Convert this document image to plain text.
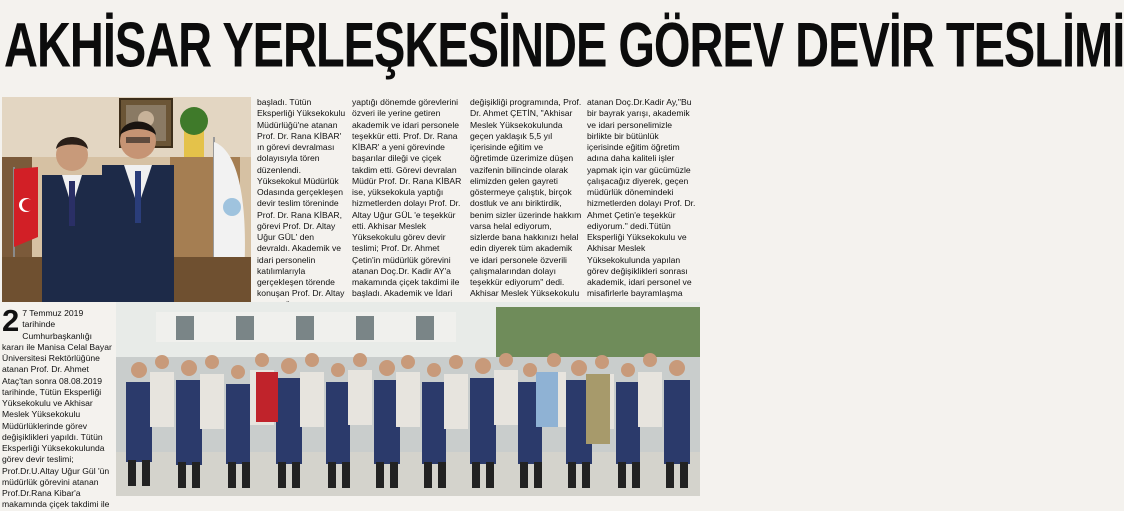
AKHİSAR YERLEŞKESİNDE GÖREV DEVİR TESLİMİ

başladı. Tütün Eksperliği Yüksekokulu Müdürlüğü'ne atanan Prof. Dr. Rana KİBAR' ın görevi devralması dolayısıyla tören düzenlendi. Yüksekokul Müdürlük Odasında gerçekleşen devir teslim töreninde Prof. Dr. Rana KİBAR, görevi Prof. Dr. Altay Uğur GÜL' den devraldı. Akademik ve idari personelin katılımlarıyla gerçekleşen törende konuşan Prof. Dr. Altay

yaptığı dönemde görevlerini özveri ile yerine getiren akademik ve idari personele teşekkür etti. Prof. Dr. Rana KİBAR' a yeni görevinde başarılar dileği ve çiçek takdim etti. Görevi devralan Müdür Prof. Dr. Rana KİBAR ise, yüksekokula yaptığı hizmetlerden dolayı Prof. Dr. Altay Uğur GÜL 'e teşekkür etti. Akhisar Meslek Yüksekokulu görev devir teslimi; Prof. Dr. Ahmet Çetin'in müdürlük görevini atanan Doç.Dr. Kadir AY'a makamında çiçek takdimi ile başladı. Akademik ve İdari

değişikliği programında, Prof. Dr. Ahmet ÇETİN, "Akhisar Meslek Yüksekokulunda geçen yaklaşık 5,5 yıl içerisinde eğitim ve öğretimde üzerimize düşen vazifenin bilincinde olarak elimizden gelen gayreti göstermeye çalıştık, birçok dostluk ve anı biriktirdik, benim sizler üzerinde hakkım varsa helal ediyorum, sizlerde bana hakkınızı helal edin diyerek tüm akademik ve idari personele özverili çalışmalarından dolayı teşekkür ediyorum" dedi. Akhisar Meslek Yüksekokulu

atanan Doç.Dr.Kadir Ay,"Bu bir bayrak yarışı, akademik ve idari personelimizle birlikte bir bütünlük içerisinde eğitim öğretim adına daha kaliteli işler yapmak için var gücümüzle çalışacağız diyerek, geçen müdürlük dönemindeki hizmetlerden dolayı Prof. Dr. Ahmet Çetin'e teşekkür ediyorum." dedi.Tütün Eksperliği Yüksekokulu ve Akhisar Meslek Yüksekokulunda yapılan görev değişiklikleri sonrası akademik, idari personel ve misafirlerle bayramlaşma

2 7 Temmuz 2019 tarihinde Cumhurbaşkanlığı kararı ile Manisa Celal Bayar Üniversitesi Rektörlüğüne atanan Prof. Dr. Ahmet Ataç'tan sonra 08.08.2019 tarihinde, Tütün Eksperliği Yüksekokulu ve Akhisar Meslek Yüksekokulu Müdürlüklerinde görev değişiklikleri yapıldı. Tütün Eksperliği Yüksekokulunda görev devir teslimi; Prof.Dr.U.Altay Uğur Gül 'ün müdürlük görevini atanan Prof.Dr.Rana Kibar'a makamında çiçek takdimi ile
